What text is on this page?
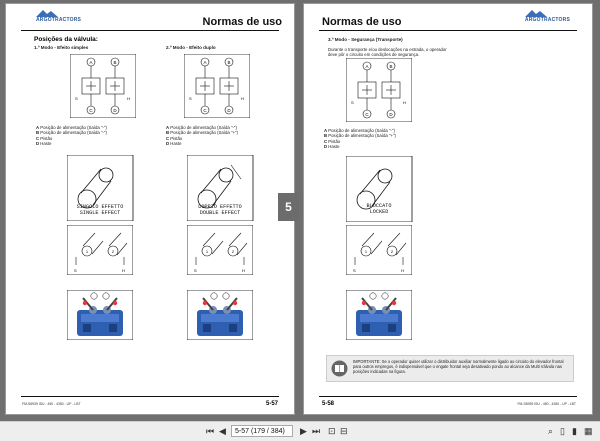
ARGOTRACTORS	Normas de uso
Posições da válvula:
1.º Modo - Efeito simples	2.º Modo - Efeito duplo
A	B
C	D
S	H
A	B
C	D
S	H
A Posição de alimentação (Saída "-")
B Posição de alimentação (Saída "-")
C Pistão
D Haste
A Posição de alimentação (Saída "-")
B Posição de alimentação (Saída "+")
C Pistão
D Haste
SINGOLO EFFETTO
SINGLE EFFECT
DOPPIO EFFETTO
DOUBLE EFFECT
1	2
S	H
1	2
S	H
FM-S6939 ISU - 450 - 4350 - UP - LBT	5-57
5
Normas de uso	ARGOTRACTORS
3.º Modo - Segurança (Transporte)
Durante o transporte e/ou deslocações na estrada, o operador deve pôr o circuito em condições de segurança.
A	B
C	D
S	H
A Posição de alimentação (Saída "-")
B Posição de alimentação (Saída "+")
C Pistão
D Haste
BLOCCATO
LOCKED
1	2
S	H
IMPORTANTE: Se o operador quiser utilizar o distribuidor auxiliar normalmente ligado ao circuito do elevador frontal para outros empregos, é indispensável que o engate frontal seja desativado pondo ao alcance da Multi Válvula nas posições indicadas na figura.
5-58	FM-S6939 ISU - 450 - 4350 - UP - LBT
⏮ ◀	5-57 (179 / 384)	▶ ⏭ ⊡ ⊟	⌕ ▯ ▮ ▦
